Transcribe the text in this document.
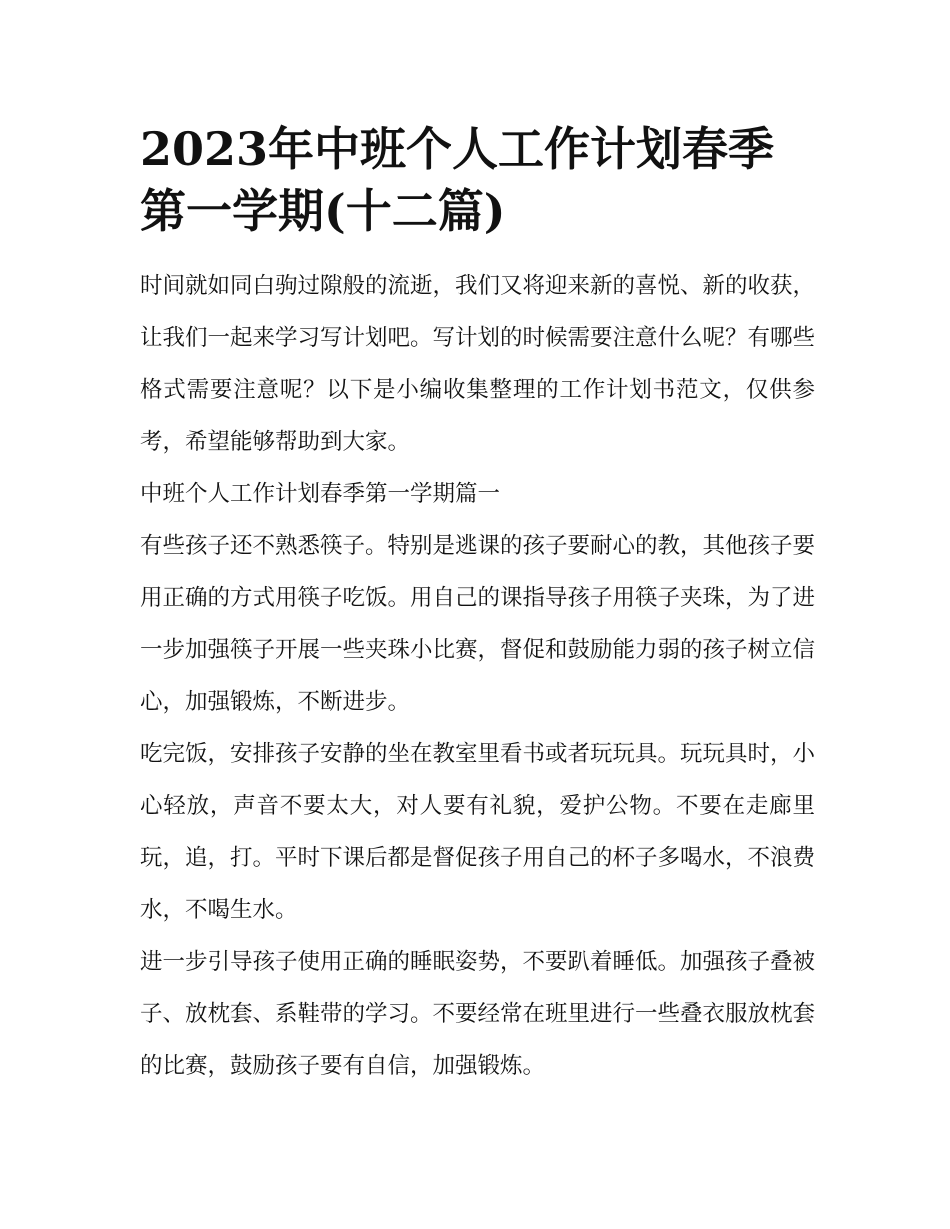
2023年中班个人工作计划春季第一学期(十二篇)

时间就如同白驹过隙般的流逝，我们又将迎来新的喜悦、新的收获，让我们一起来学习写计划吧。写计划的时候需要注意什么呢？有哪些格式需要注意呢？以下是小编收集整理的工作计划书范文，仅供参考，希望能够帮助到大家。

中班个人工作计划春季第一学期篇一

有些孩子还不熟悉筷子。特别是逃课的孩子要耐心的教，其他孩子要用正确的方式用筷子吃饭。用自己的课指导孩子用筷子夹珠，为了进一步加强筷子开展一些夹珠小比赛，督促和鼓励能力弱的孩子树立信心，加强锻炼，不断进步。

吃完饭，安排孩子安静的坐在教室里看书或者玩玩具。玩玩具时，小心轻放，声音不要太大，对人要有礼貌，爱护公物。不要在走廊里玩，追，打。平时下课后都是督促孩子用自己的杯子多喝水，不浪费水，不喝生水。

进一步引导孩子使用正确的睡眠姿势，不要趴着睡低。加强孩子叠被子、放枕套、系鞋带的学习。不要经常在班里进行一些叠衣服放枕套的比赛，鼓励孩子要有自信，加强锻炼。
